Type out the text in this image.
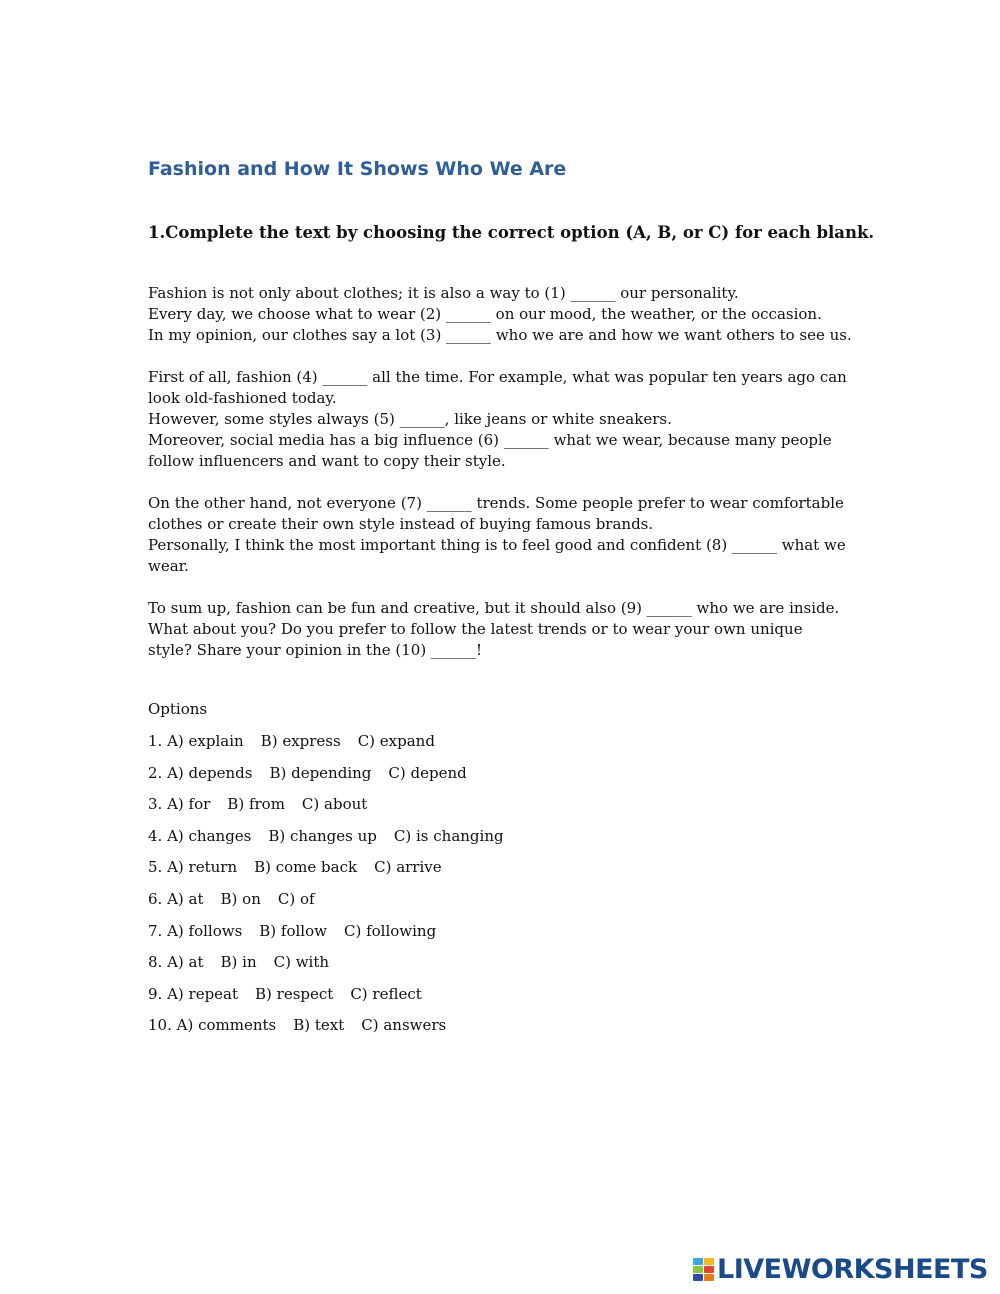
Fashion and How It Shows Who We Are
1.Complete the text by choosing the correct option (A, B, or C) for each blank.
Fashion is not only about clothes; it is also a way to (1) ______ our personality.
Every day, we choose what to wear (2) ______ on our mood, the weather, or the occasion.
In my opinion, our clothes say a lot (3) ______ who we are and how we want others to see us.
First of all, fashion (4) ______ all the time. For example, what was popular ten years ago can
look old-fashioned today.
However, some styles always (5) ______, like jeans or white sneakers.
Moreover, social media has a big influence (6) ______ what we wear, because many people
follow influencers and want to copy their style.
On the other hand, not everyone (7) ______ trends. Some people prefer to wear comfortable
clothes or create their own style instead of buying famous brands.
Personally, I think the most important thing is to feel good and confident (8) ______ what we
wear.
To sum up, fashion can be fun and creative, but it should also (9) ______ who we are inside.
What about you? Do you prefer to follow the latest trends or to wear your own unique
style? Share your opinion in the (10) ______!
Options
1. A) explain B) express C) expand
2. A) depends B) depending C) depend
3. A) for B) from C) about
4. A) changes B) changes up C) is changing
5. A) return B) come back C) arrive
6. A) at B) on C) of
7. A) follows B) follow C) following
8. A) at B) in C) with
9. A) repeat B) respect C) reflect
10. A) comments B) text C) answers
LIVEWORKSHEETS
